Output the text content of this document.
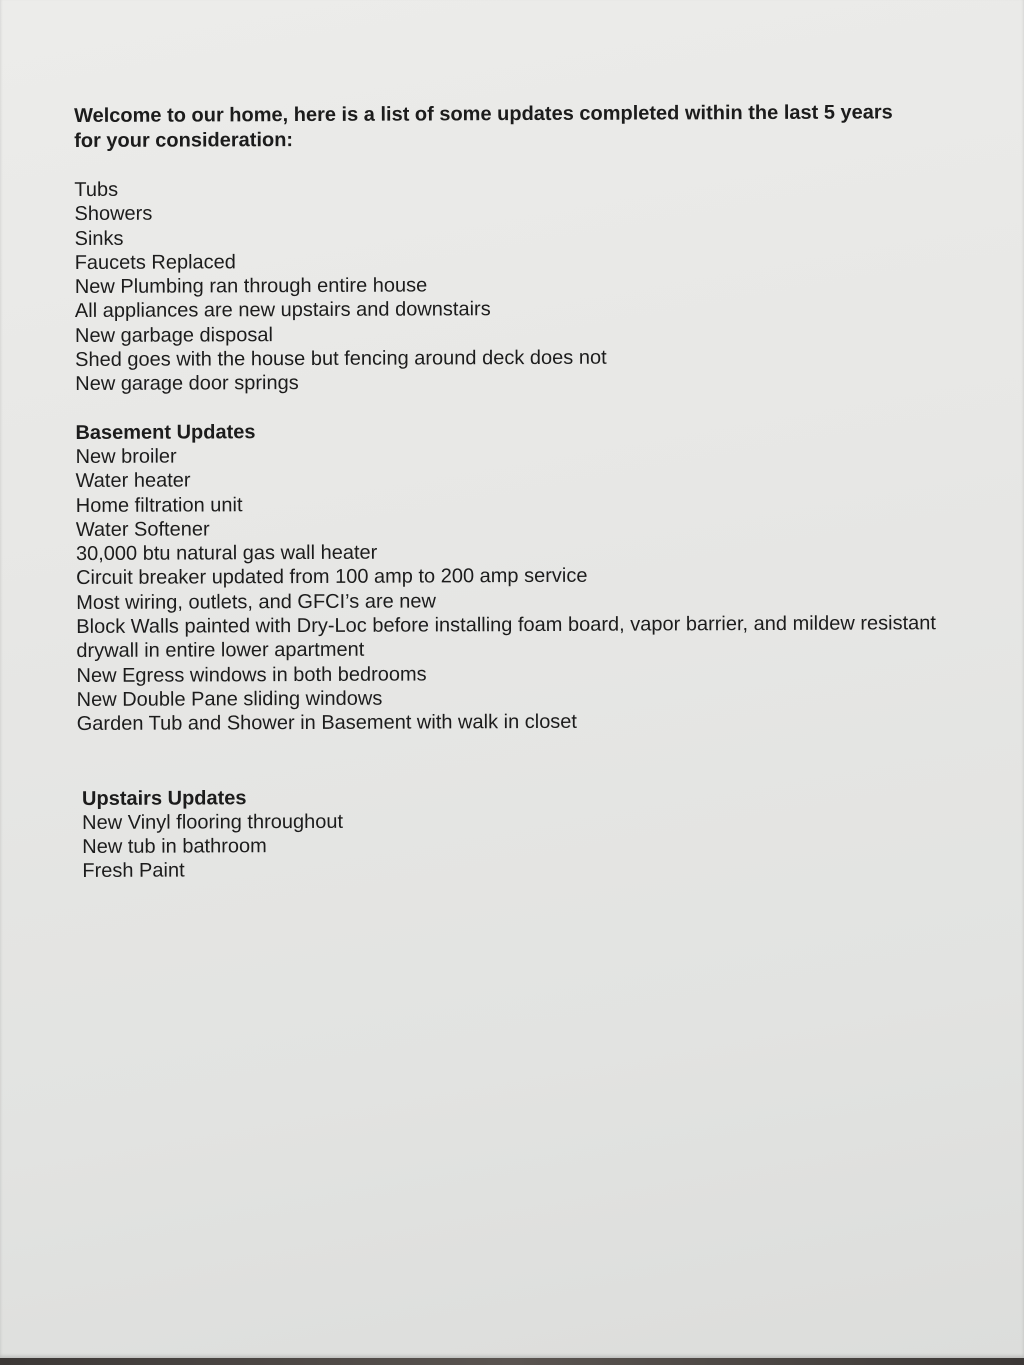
Welcome to our home, here is a list of some updates completed within the last 5 years for your consideration:

Tubs
Showers
Sinks
Faucets Replaced
New Plumbing ran through entire house
All appliances are new upstairs and downstairs
New garbage disposal
Shed goes with the house but fencing around deck does not
New garage door springs
Basement Updates
New broiler
Water heater
Home filtration unit
Water Softener
30,000 btu natural gas wall heater
Circuit breaker updated from 100 amp to 200 amp service
Most wiring, outlets, and GFCI’s are new
Block Walls painted with Dry-Loc before installing foam board, vapor barrier, and mildew resistant drywall in entire lower apartment
New Egress windows in both bedrooms
New Double Pane sliding windows
Garden Tub and Shower in Basement with walk in closet
Upstairs Updates
New Vinyl flooring throughout
New tub in bathroom
Fresh Paint
